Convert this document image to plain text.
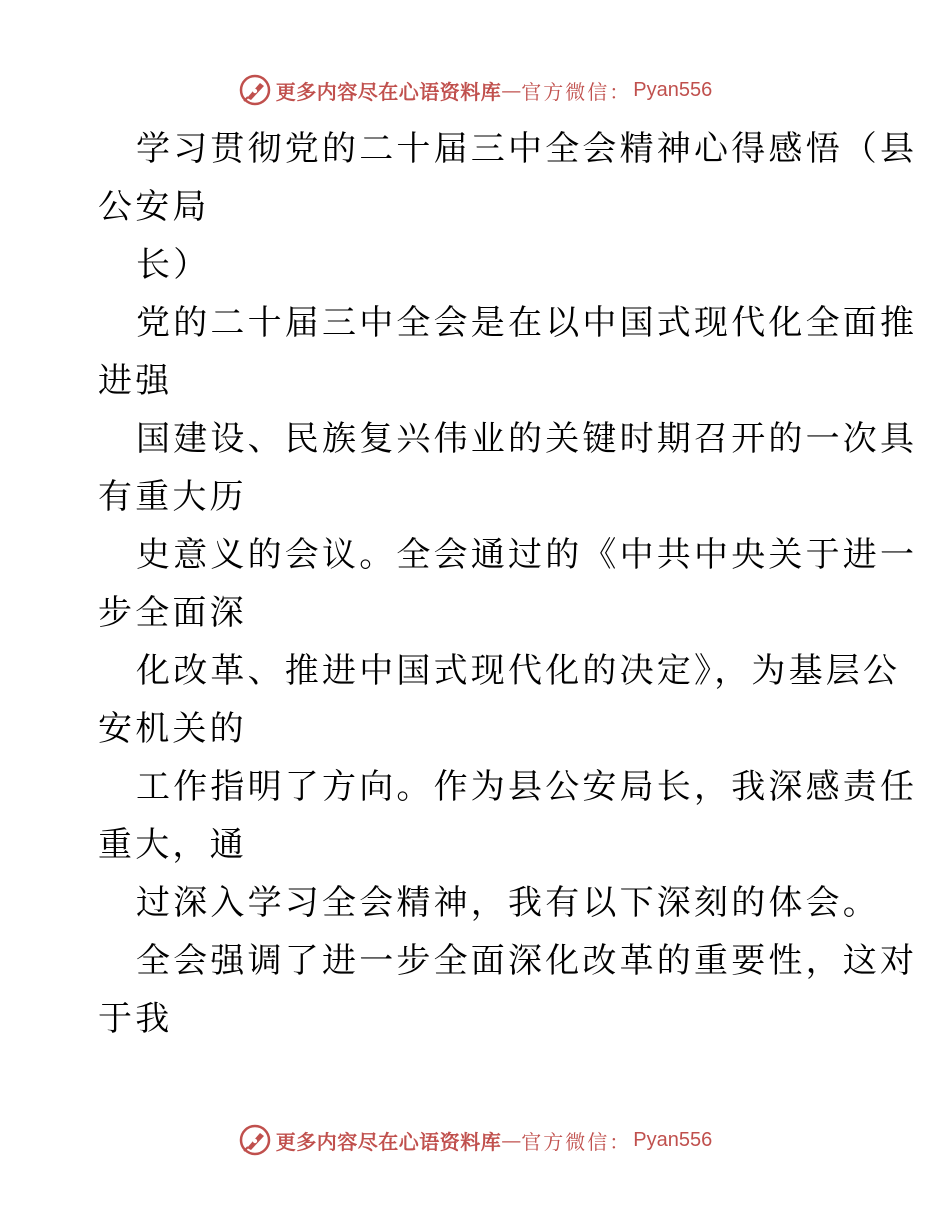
更多内容尽在心语资料库 — 官方微信： Pyan556
学习贯彻党的二十届三中全会精神心得感悟（县
公安局
长）
党的二十届三中全会是在以中国式现代化全面推
进强
国建设、民族复兴伟业的关键时期召开的一次具
有重大历
史意义的会议。全会通过的《中共中央关于进一
步全面深
化改革、推进中国式现代化的决定》，为基层公
安机关的
工作指明了方向。作为县公安局长，我深感责任
重大，通
过深入学习全会精神，我有以下深刻的体会。
全会强调了进一步全面深化改革的重要性，这对
于我
更多内容尽在心语资料库 — 官方微信： Pyan556
